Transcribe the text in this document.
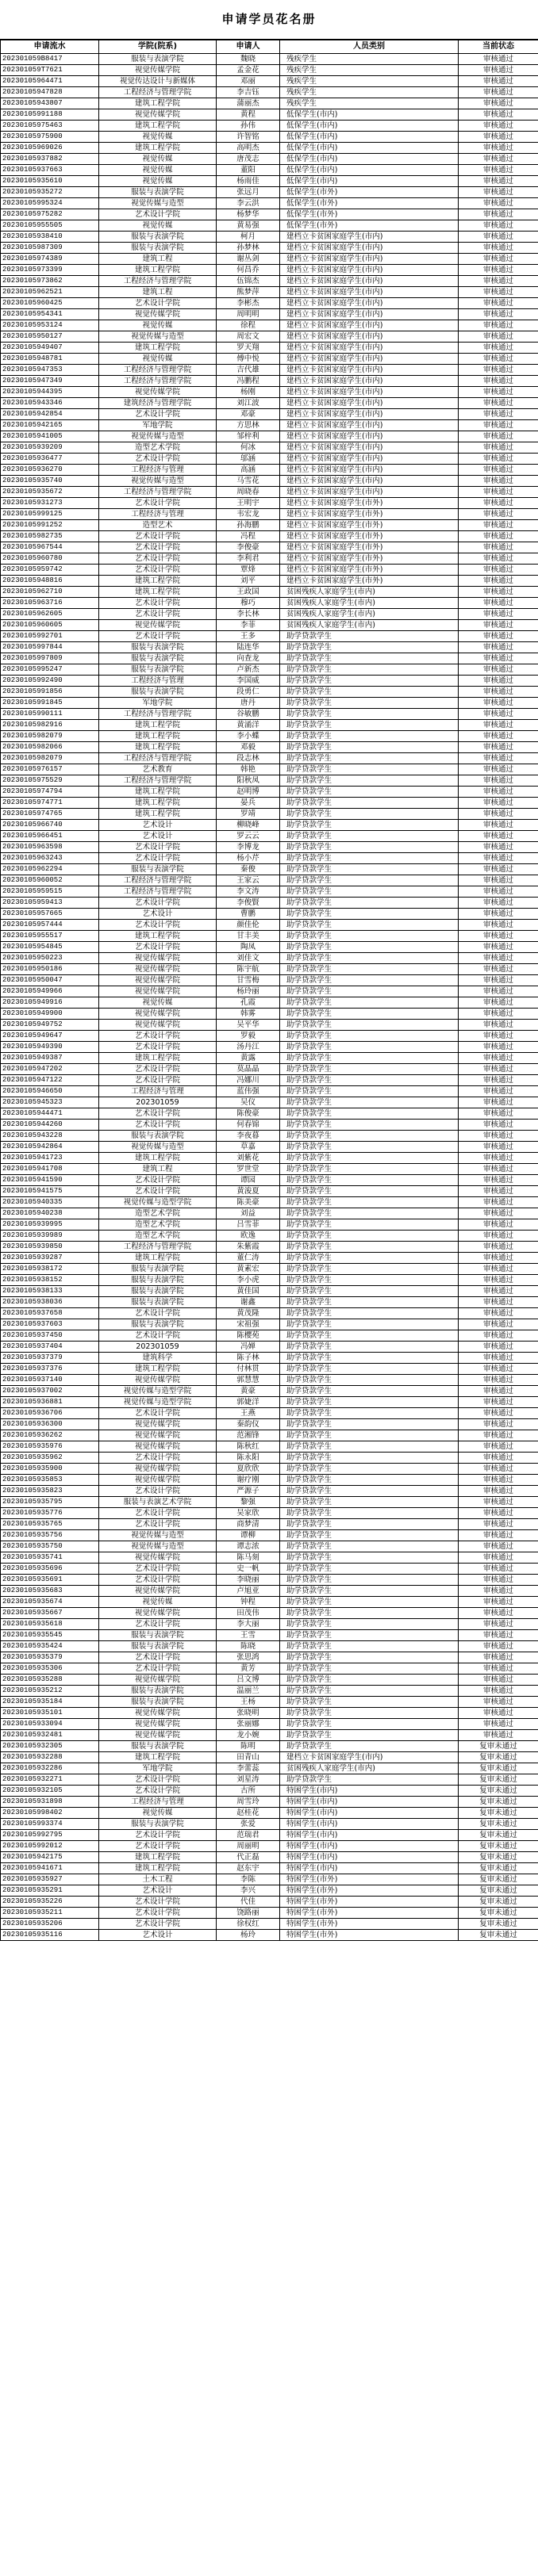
申请学员花名册
申请流水	学院(院系)	申请人	人员类别	当前状态
202301059B8417	服装与表演学院	魏晓	残疾学生	审核通过
202301059T7621	视觉传媒学院	孟金花	残疾学生	审核通过
20230105964471	视觉传达设计与新媒体	邓丽	残疾学生	审核通过
20230105947828	工程经济与管理学院	李吉钰	残疾学生	审核通过
20230105943807	建筑工程学院	蒲丽杰	残疾学生	审核通过
20230105991188	视觉传媒学院	黄程	低保学生(市内)	审核通过
20230105975463	建筑工程学院	孙伟	低保学生(市内)	审核通过
20230105975900	视觉传媒	许智铭	低保学生(市内)	审核通过
20230105969026	建筑工程学院	高明杰	低保学生(市内)	审核通过
20230105937882	视觉传媒	唐茂志	低保学生(市内)	审核通过
20230105937663	视觉传媒	董阳	低保学生(市内)	审核通过
20230105935610	视觉传媒	杨雨佳	低保学生(市内)	审核通过
20230105935272	服装与表演学院	张远月	低保学生(市外)	审核通过
20230105995324	视觉传媒与造型	李云洪	低保学生(市外)	审核通过
20230105975282	艺术设计学院	杨梦华	低保学生(市外)	审核通过
20230105955505	视觉传媒	黄易强	低保学生(市外)	审核通过
20230105938410	服装与表演学院	柯月	建档立卡贫困家庭学生(市内)	审核通过
20230105987309	服装与表演学院	孙梦林	建档立卡贫困家庭学生(市内)	审核通过
20230105974389	建筑工程	谢丛剑	建档立卡贫困家庭学生(市内)	审核通过
20230105973399	建筑工程学院	何昌乔	建档立卡贫困家庭学生(市内)	审核通过
20230105973862	工程经济与管理学院	伍锦杰	建档立卡贫困家庭学生(市内)	审核通过
20230105962521	建筑工程	熊梦萍	建档立卡贫困家庭学生(市内)	审核通过
20230105960425	艺术设计学院	李彬杰	建档立卡贫困家庭学生(市内)	审核通过
20230105954341	视觉传媒学院	周明明	建档立卡贫困家庭学生(市内)	审核通过
20230105953124	视觉传媒	徐程	建档立卡贫困家庭学生(市内)	审核通过
20230105950127	视觉传媒与造型	周宏文	建档立卡贫困家庭学生(市内)	审核通过
20230105949407	建筑工程学院	罗天翔	建档立卡贫困家庭学生(市内)	审核通过
20230105948781	视觉传媒	傅中悦	建档立卡贫困家庭学生(市内)	审核通过
20230105947353	工程经济与管理学院	吉代雄	建档立卡贫困家庭学生(市内)	审核通过
20230105947349	工程经济与管理学院	冯鹏程	建档立卡贫困家庭学生(市内)	审核通过
20230105944395	视觉传媒学院	杨刚	建档立卡贫困家庭学生(市内)	审核通过
20230105943346	建筑经济与管理学院	刘江波	建档立卡贫困家庭学生(市内)	审核通过
20230105942854	艺术设计学院	邓豪	建档立卡贫困家庭学生(市内)	审核通过
20230105942165	军地学院	方思林	建档立卡贫困家庭学生(市内)	审核通过
20230105941005	视觉传媒与造型	邹梓利	建档立卡贫困家庭学生(市内)	审核通过
20230105939209	造型艺术学院	何冰	建档立卡贫困家庭学生(市内)	审核通过
20230105936477	艺术设计学院	邬涵	建档立卡贫困家庭学生(市内)	审核通过
20230105936270	工程经济与管理	高涵	建档立卡贫困家庭学生(市内)	审核通过
20230105935740	视觉传媒与造型	马雪花	建档立卡贫困家庭学生(市内)	审核通过
20230105935672	工程经济与管理学院	周晓春	建档立卡贫困家庭学生(市内)	审核通过
20230105931273	艺术设计学院	王明宇	建档立卡贫困家庭学生(市外)	审核通过
20230105999125	工程经济与管理	韦宏龙	建档立卡贫困家庭学生(市外)	审核通过
20230105991252	造型艺术	孙海鹏	建档立卡贫困家庭学生(市外)	审核通过
20230105982735	艺术设计学院	冯程	建档立卡贫困家庭学生(市外)	审核通过
20230105967544	艺术设计学院	李俊豪	建档立卡贫困家庭学生(市外)	审核通过
20230105960780	艺术设计学院	李利君	建档立卡贫困家庭学生(市外)	审核通过
20230105959742	艺术设计学院	覃烽	建档立卡贫困家庭学生(市外)	审核通过
20230105948816	建筑工程学院	刘平	建档立卡贫困家庭学生(市外)	审核通过
20230105962710	建筑工程学院	王政国	贫困残疾人家庭学生(市内)	审核通过
20230105963716	艺术设计学院	穆巧	贫困残疾人家庭学生(市内)	审核通过
20230105962605	艺术设计学院	李长林	贫困残疾人家庭学生(市内)	审核通过
20230105960605	视觉传媒学院	李菲	贫困残疾人家庭学生(市内)	审核通过
20230105992701	艺术设计学院	王多	助学贷款学生	审核通过
20230105997844	服装与表演学院	陆连华	助学贷款学生	审核通过
20230105997809	服装与表演学院	向查龙	助学贷款学生	审核通过
20230105995247	服装与表演学院	卢新杰	助学贷款学生	审核通过
20230105992490	工程经济与管理	李国威	助学贷款学生	审核通过
20230105991856	服装与表演学院	段勇仁	助学贷款学生	审核通过
20230105991845	军地学院	唐丹	助学贷款学生	审核通过
20230105990111	工程经济与管理学院	谷敏鹏	助学贷款学生	审核通过
20230105982916	建筑工程学院	黄涌洋	助学贷款学生	审核通过
20230105982079	建筑工程学院	李小蝶	助学贷款学生	审核通过
20230105982066	建筑工程学院	邓毅	助学贷款学生	审核通过
20230105982079	工程经济与管理学院	段志林	助学贷款学生	审核通过
20230105976157	艺术教育	韩艳	助学贷款学生	审核通过
20230105975529	工程经济与管理学院	阳秋凤	助学贷款学生	审核通过
20230105974794	建筑工程学院	赵明博	助学贷款学生	审核通过
20230105974771	建筑工程学院	晏兵	助学贷款学生	审核通过
20230105974765	建筑工程学院	罗靖	助学贷款学生	审核通过
20230105966740	艺术设计	柳晓峰	助学贷款学生	审核通过
20230105966451	艺术设计	罗云云	助学贷款学生	审核通过
20230105963598	艺术设计学院	李博龙	助学贷款学生	审核通过
20230105963243	艺术设计学院	杨小芹	助学贷款学生	审核通过
20230105962294	服装与表演学院	秦俊	助学贷款学生	审核通过
20230105960052	工程经济与管理学院	王家云	助学贷款学生	审核通过
20230105959515	工程经济与管理学院	李文涛	助学贷款学生	审核通过
20230105959413	艺术设计学院	李俊賢	助学贷款学生	审核通过
20230105957665	艺术设计	曹鹏	助学贷款学生	审核通过
20230105957444	艺术设计学院	颜佳伦	助学贷款学生	审核通过
20230105955517	建筑工程学院	甘丰美	助学贷款学生	审核通过
20230105954845	艺术设计学院	陶凤	助学贷款学生	审核通过
20230105950223	视觉传媒学院	刘佳文	助学贷款学生	审核通过
20230105950186	视觉传媒学院	陈宇航	助学贷款学生	审核通过
20230105950047	视觉传媒学院	甘雪梅	助学贷款学生	审核通过
20230105949966	视觉传媒学院	杨玲丽	助学贷款学生	审核通过
20230105949916	视觉传媒	孔霞	助学贷款学生	审核通过
20230105949900	视觉传媒学院	韩雾	助学贷款学生	审核通过
20230105949752	视觉传媒学院	吴平华	助学贷款学生	审核通过
20230105949647	艺术设计学院	罗毅	助学贷款学生	审核通过
20230105949390	艺术设计学院	汤丹江	助学贷款学生	审核通过
20230105949387	建筑工程学院	黄露	助学贷款学生	审核通过
20230105947202	艺术设计学院	莫晶晶	助学贷款学生	审核通过
20230105947122	艺术设计学院	冯娜川	助学贷款学生	审核通过
20230105946650	工程经济与管理	蓝伟强	助学贷款学生	审核通过
20230105945323	202301059	吴仪	助学贷款学生	审核通过
20230105944471	艺术设计学院	陈俊豪	助学贷款学生	审核通过
20230105944260	艺术设计学院	何春锦	助学贷款学生	审核通过
20230105943228	服装与表演学院	李夜暮	助学贷款学生	审核通过
20230105942864	视觉传媒与造型	草嘉	助学贷款学生	审核通过
20230105941723	建筑工程学院	刘紫花	助学贷款学生	审核通过
20230105941708	建筑工程	罗世堂	助学贷款学生	审核通过
20230105941590	艺术设计学院	谭园	助学贷款学生	审核通过
20230105941575	艺术设计学院	黄浚夏	助学贷款学生	审核通过
20230105940335	视觉传媒与造型学院	陈美豪	助学贷款学生	审核通过
20230105940238	造型艺术学院	刘益	助学贷款学生	审核通过
20230105939995	造型艺术学院	吕雪菲	助学贷款学生	审核通过
20230105939989	造型艺术学院	欧逸	助学贷款学生	审核通过
20230105939850	工程经济与管理学院	朱紫霞	助学贷款学生	审核通过
20230105939287	建筑工程学院	董仁涛	助学贷款学生	审核通过
20230105938172	服装与表演学院	黄素宏	助学贷款学生	审核通过
20230105938152	服装与表演学院	李小虎	助学贷款学生	审核通过
20230105938133	服装与表演学院	黄佳国	助学贷款学生	审核通过
20230105938036	服装与表演学院	谢鑫	助学贷款学生	审核通过
20230105937658	艺术设计学院	黄茂隆	助学贷款学生	审核通过
20230105937603	服装与表演学院	宋祖强	助学贷款学生	审核通过
20230105937450	艺术设计学院	陈樱苑	助学贷款学生	审核通过
20230105937404	202301059	冯婵	助学贷款学生	审核通过
20230105937379	建筑科学	陈子林	助学贷款学生	审核通过
20230105937376	建筑工程学院	付林贯	助学贷款学生	审核通过
20230105937140	视觉传媒学院	郭慧慧	助学贷款学生	审核通过
20230105937002	视觉传媒与造型学院	黄豪	助学贷款学生	审核通过
20230105936881	视觉传媒与造型学院	郭婕洋	助学贷款学生	审核通过
20230105936706	艺术设计学院	王燕	助学贷款学生	审核通过
20230105936300	视觉传媒学院	秦韵仪	助学贷款学生	审核通过
20230105936262	视觉传媒学院	范湘锋	助学贷款学生	审核通过
20230105935976	视觉传媒学院	陈秋红	助学贷款学生	审核通过
20230105935962	艺术设计学院	陈永阳	助学贷款学生	审核通过
20230105935900	视觉传媒学院	夏欣欣	助学贷款学生	审核通过
20230105935853	视觉传媒学院	谢疗刚	助学贷款学生	审核通过
20230105935823	艺术设计学院	严源子	助学贷款学生	审核通过
20230105935795	服装与表演艺术学院	黎强	助学贷款学生	审核通过
20230105935776	艺术设计学院	吴家欣	助学贷款学生	审核通过
20230105935765	艺术设计学院	商梦清	助学贷款学生	审核通过
20230105935756	视觉传媒与造型	谭柳	助学贷款学生	审核通过
20230105935750	视觉传媒与造型	谭志浓	助学贷款学生	审核通过
20230105935741	视觉传媒学院	陈马刻	助学贷款学生	审核通过
20230105935696	艺术设计学院	史一帆	助学贷款学生	审核通过
20230105935691	艺术设计学院	李晓丽	助学贷款学生	审核通过
20230105935683	视觉传媒学院	卢旭亚	助学贷款学生	审核通过
20230105935674	视觉传媒	钟程	助学贷款学生	审核通过
20230105935667	视觉传媒学院	田茂伟	助学贷款学生	审核通过
20230105935618	艺术设计学院	李大丽	助学贷款学生	审核通过
20230105935545	服装与表演学院	王雪	助学贷款学生	审核通过
20230105935424	服装与表演学院	陈晓	助学贷款学生	审核通过
20230105935379	艺术设计学院	张思鸿	助学贷款学生	审核通过
20230105935306	艺术设计学院	黄芳	助学贷款学生	审核通过
20230105935288	视觉传媒学院	吕文博	助学贷款学生	审核通过
20230105935212	服装与表演学院	温丽兰	助学贷款学生	审核通过
20230105935184	服装与表演学院	王杨	助学贷款学生	审核通过
20230105935101	视觉传媒学院	张晓明	助学贷款学生	审核通过
20230105933094	视觉传媒学院	张丽娜	助学贷款学生	审核通过
20230105932481	视觉传媒学院	龙小婉	助学贷款学生	审核通过
20230105932305	服装与表演学院	陈明	助学贷款学生	复审未通过
20230105932288	建筑工程学院	田青山	建档立卡贫困家庭学生(市内)	复审未通过
20230105932286	军地学院	李蕾蕊	贫困残疾人家庭学生(市内)	复审未通过
20230105932271	艺术设计学院	刘星涛	助学贷款学生	复审未通过
20230105932105	艺术设计学院	古所	特困学生(市内)	复审未通过
20230105931898	工程经济与管理	周雪玲	特困学生(市内)	复审未通过
20230105998402	视觉传媒	赵桂花	特困学生(市内)	复审未通过
20230105993374	服装与表演学院	张爱	特困学生(市内)	复审未通过
20230105992795	艺术设计学院	范瑞君	特困学生(市内)	复审未通过
20230105992012	艺术设计学院	周丽明	特困学生(市内)	复审未通过
20230105942175	建筑工程学院	代正磊	特困学生(市内)	复审未通过
20230105941671	建筑工程学院	赵东宇	特困学生(市内)	复审未通过
20230105935927	土木工程	李陈	特困学生(市外)	复审未通过
20230105935291	艺术设计	李兴	特困学生(市外)	复审未通过
20230105935226	艺术设计学院	代佳	特困学生(市外)	复审未通过
20230105935211	艺术设计学院	饶路丽	特困学生(市外)	复审未通过
20230105935206	艺术设计学院	徐权红	特困学生(市外)	复审未通过
20230105935116	艺术设计	杨玲	特困学生(市外)	复审未通过
